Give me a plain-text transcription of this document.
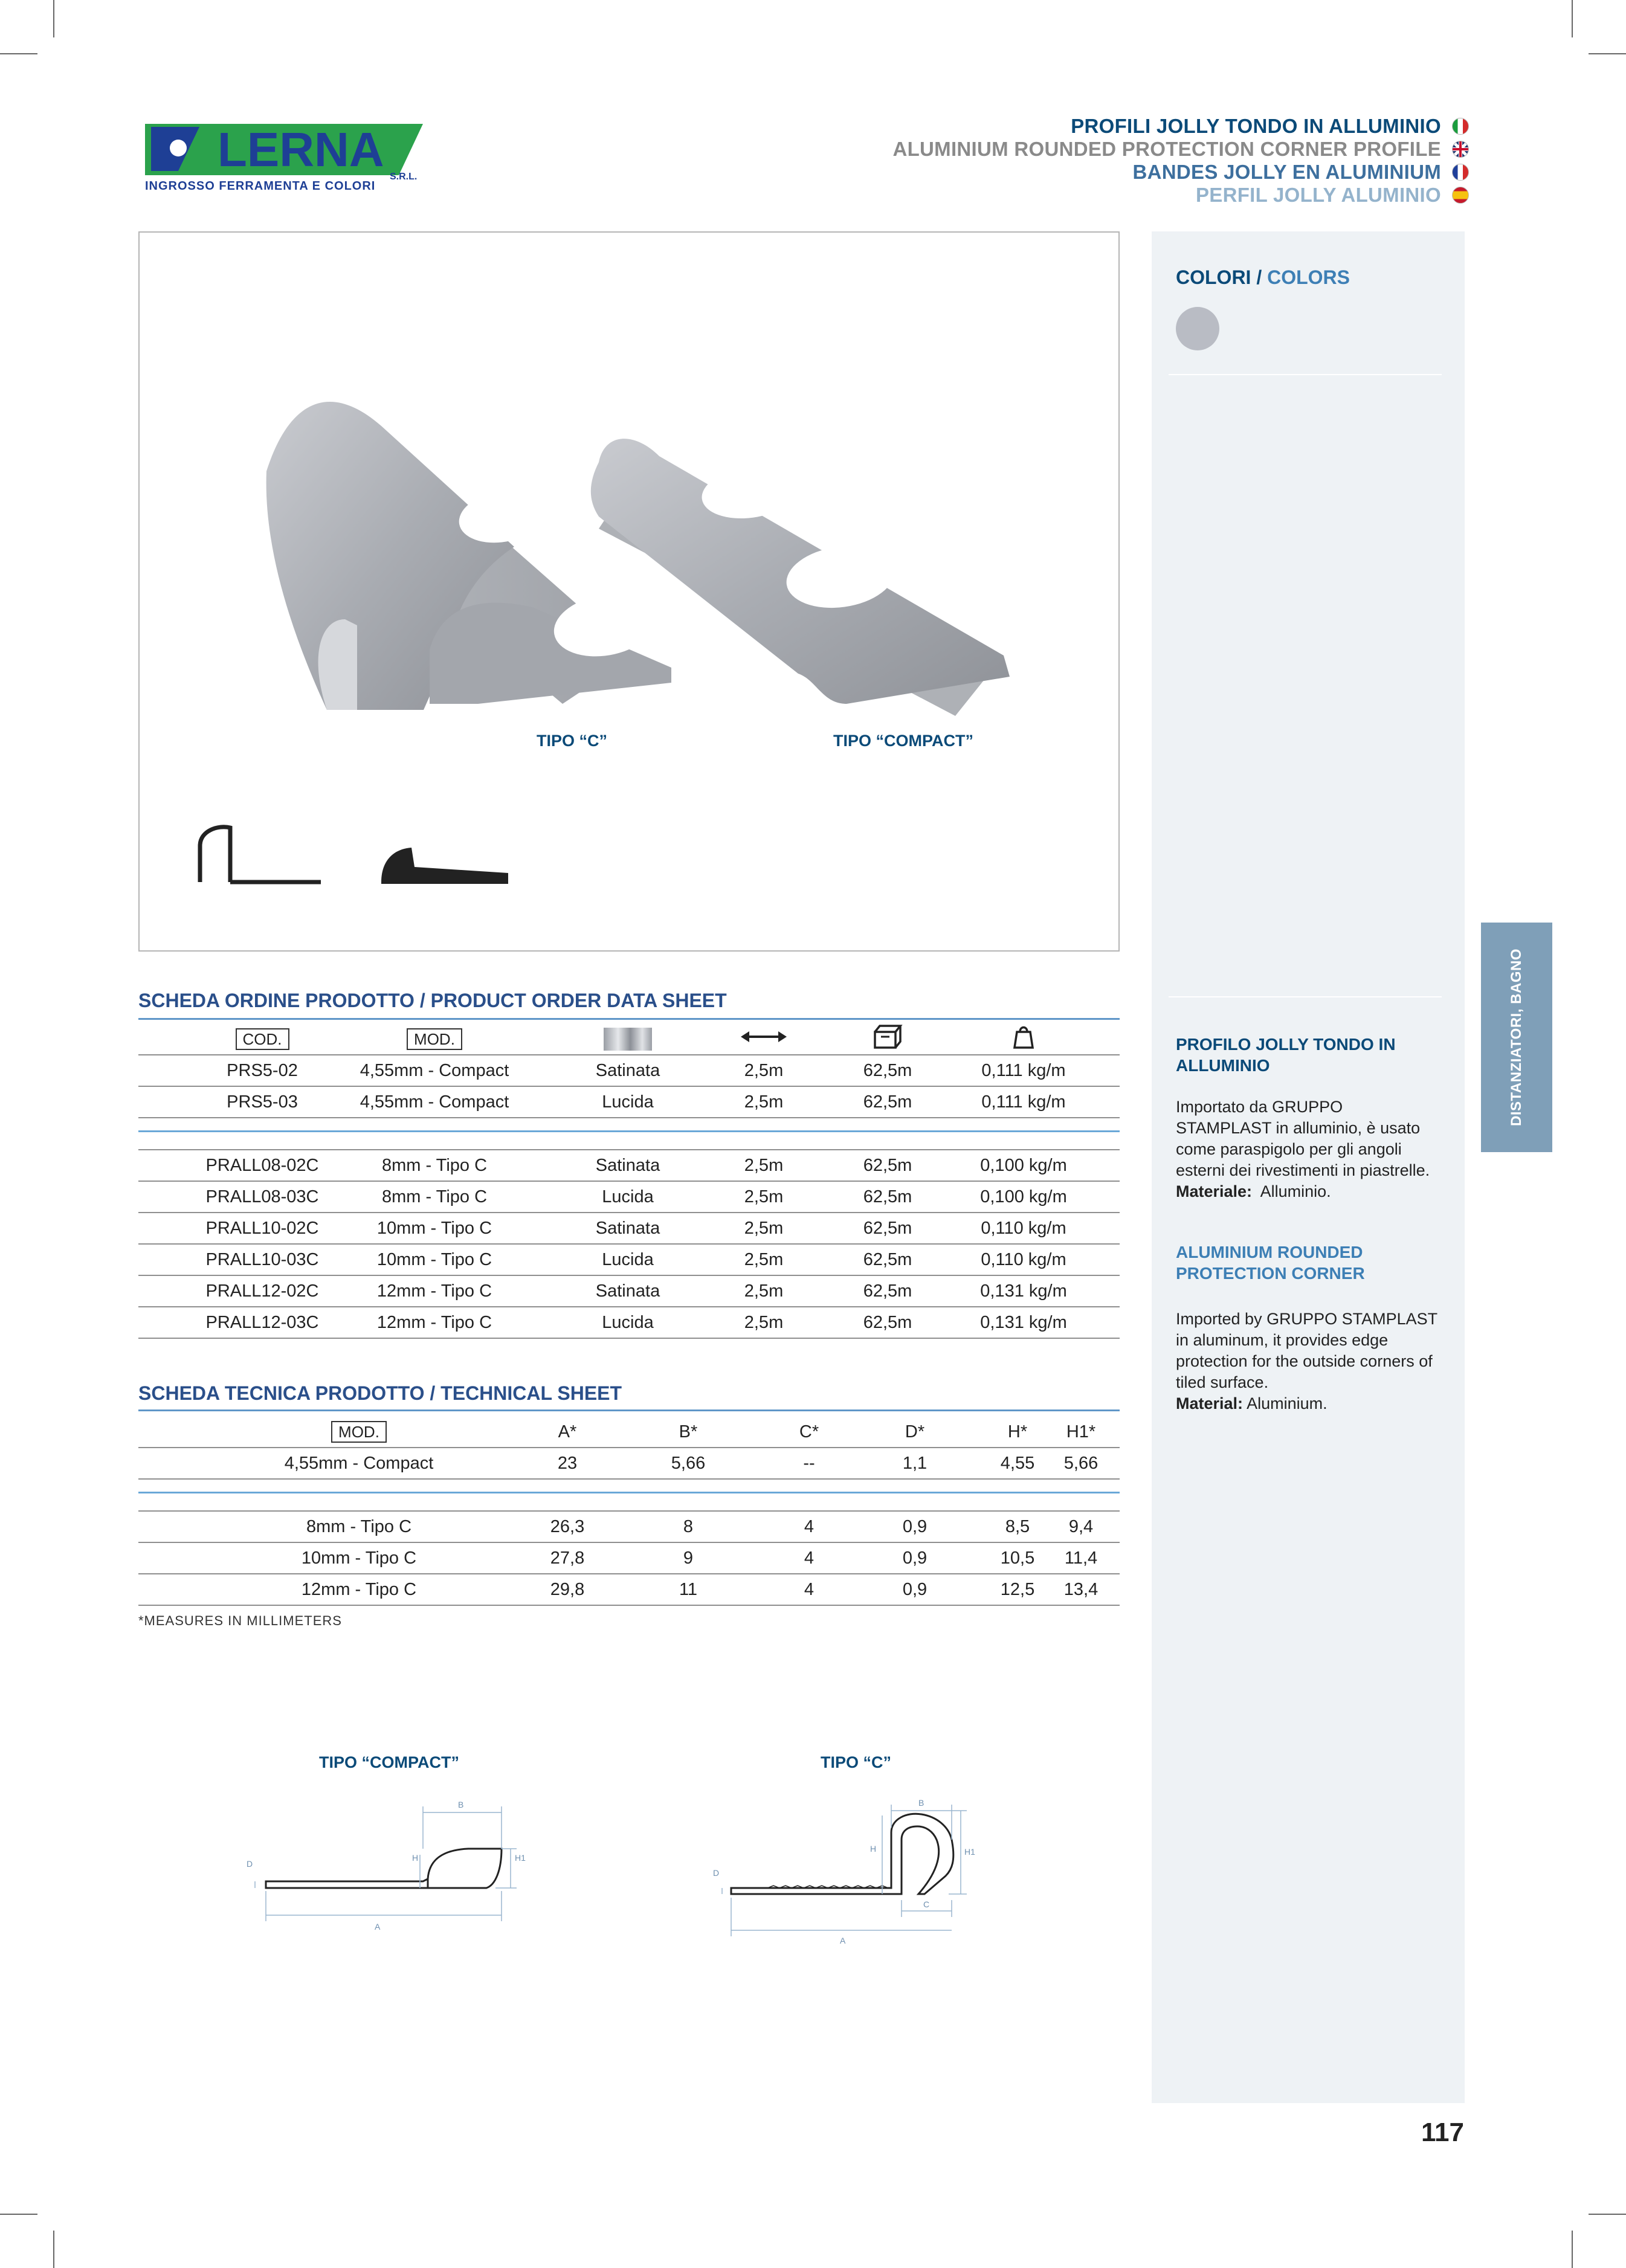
LERNA
S.R.L.
INGROSSO FERRAMENTA E COLORI
PROFILI JOLLY TONDO IN ALLUMINIO
ALUMINIUM ROUNDED PROTECTION CORNER PROFILE
BANDES JOLLY EN ALUMINIUM
PERFIL JOLLY ALUMINIO
TIPO “C”	TIPO “COMPACT”
COLORI / COLORS
PROFILO JOLLY TONDO IN ALLUMINIO
Importato da GRUPPO STAMPLAST in alluminio, è usato come paraspigolo per gli angoli esterni dei rivestimenti in piastrelle.
Materiale: Alluminio.
ALUMINIUM ROUNDED PROTECTION CORNER
Imported by GRUPPO STAMPLAST in aluminum, it provides edge protection for the outside corners of tiled surface.
Material: Aluminium.
DISTANZIATORI, BAGNO
SCHEDA ORDINE PRODOTTO / PRODUCT ORDER DATA SHEET
COD.	MOD.
PRS5-02	4,55mm - Compact	Satinata	2,5m	62,5m	0,111 kg/m
PRS5-03	4,55mm - Compact	Lucida	2,5m	62,5m	0,111 kg/m
PRALL08-02C	8mm - Tipo C	Satinata	2,5m	62,5m	0,100 kg/m
PRALL08-03C	8mm - Tipo C	Lucida	2,5m	62,5m	0,100 kg/m
PRALL10-02C	10mm - Tipo C	Satinata	2,5m	62,5m	0,110 kg/m
PRALL10-03C	10mm - Tipo C	Lucida	2,5m	62,5m	0,110 kg/m
PRALL12-02C	12mm - Tipo C	Satinata	2,5m	62,5m	0,131 kg/m
PRALL12-03C	12mm - Tipo C	Lucida	2,5m	62,5m	0,131 kg/m
SCHEDA TECNICA PRODOTTO / TECHNICAL SHEET
MOD.	A*	B*	C*	D*	H*	H1*
4,55mm - Compact	23	5,66	--	1,1	4,55	5,66
8mm - Tipo C	26,3	8	4	0,9	8,5	9,4
10mm - Tipo C	27,8	9	4	0,9	10,5	11,4
12mm - Tipo C	29,8	11	4	0,9	12,5	13,4
*MEASURES IN MILLIMETERS
TIPO “COMPACT”	TIPO “C”
B
H1
H
D
A
B
H	H1
C
D
A
117
